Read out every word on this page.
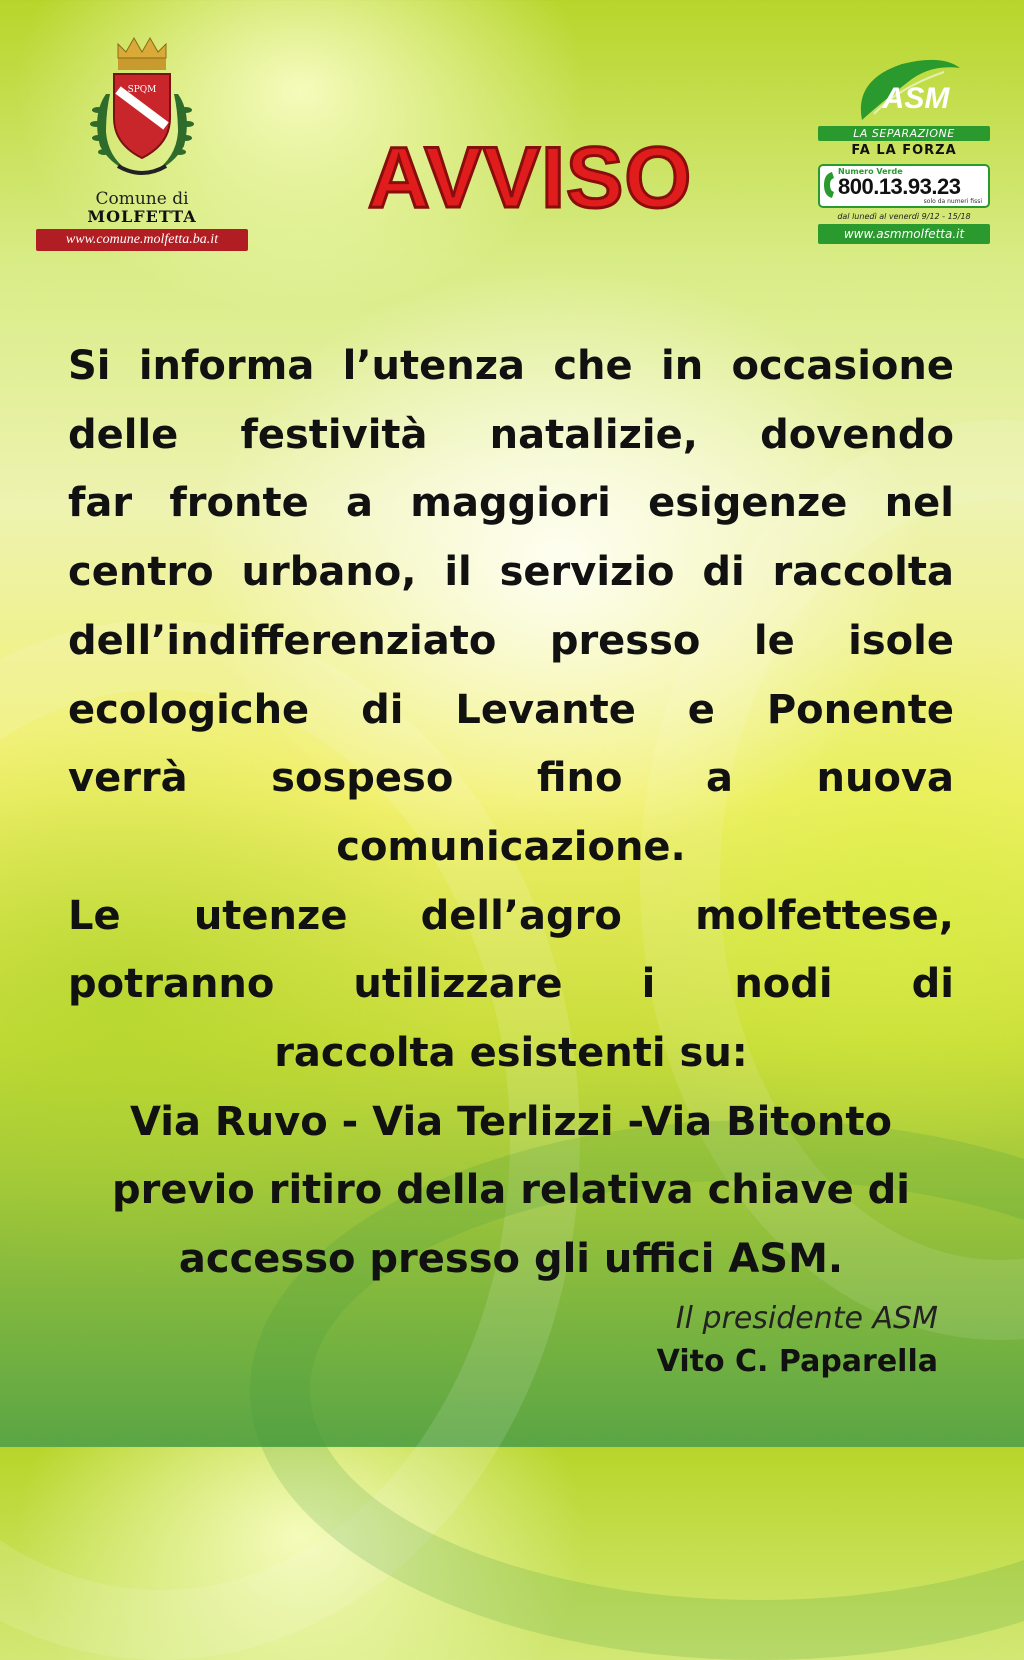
SPQM
Comune di
MOLFETTA
www.comune.molfetta.ba.it
AVVISO
ASM
LA SEPARAZIONE
FA LA FORZA
Numero Verde
800.13.93.23
solo da numeri fissi
dal lunedì al venerdì 9/12 - 15/18
www.asmmolfetta.it
Si informa l’utenza che in occasione
delle festività natalizie, dovendo
far fronte a maggiori esigenze nel
centro urbano, il servizio di raccolta
dell’indifferenziato presso le isole
ecologiche di Levante e Ponente
verrà sospeso fino a nuova
comunicazione.
Le utenze dell’agro molfettese,
potranno utilizzare i nodi di
raccolta esistenti su:
Via Ruvo - Via Terlizzi -Via Bitonto
previo ritiro della relativa chiave di
accesso presso gli uffici ASM.
Il presidente ASM
Vito C. Paparella
